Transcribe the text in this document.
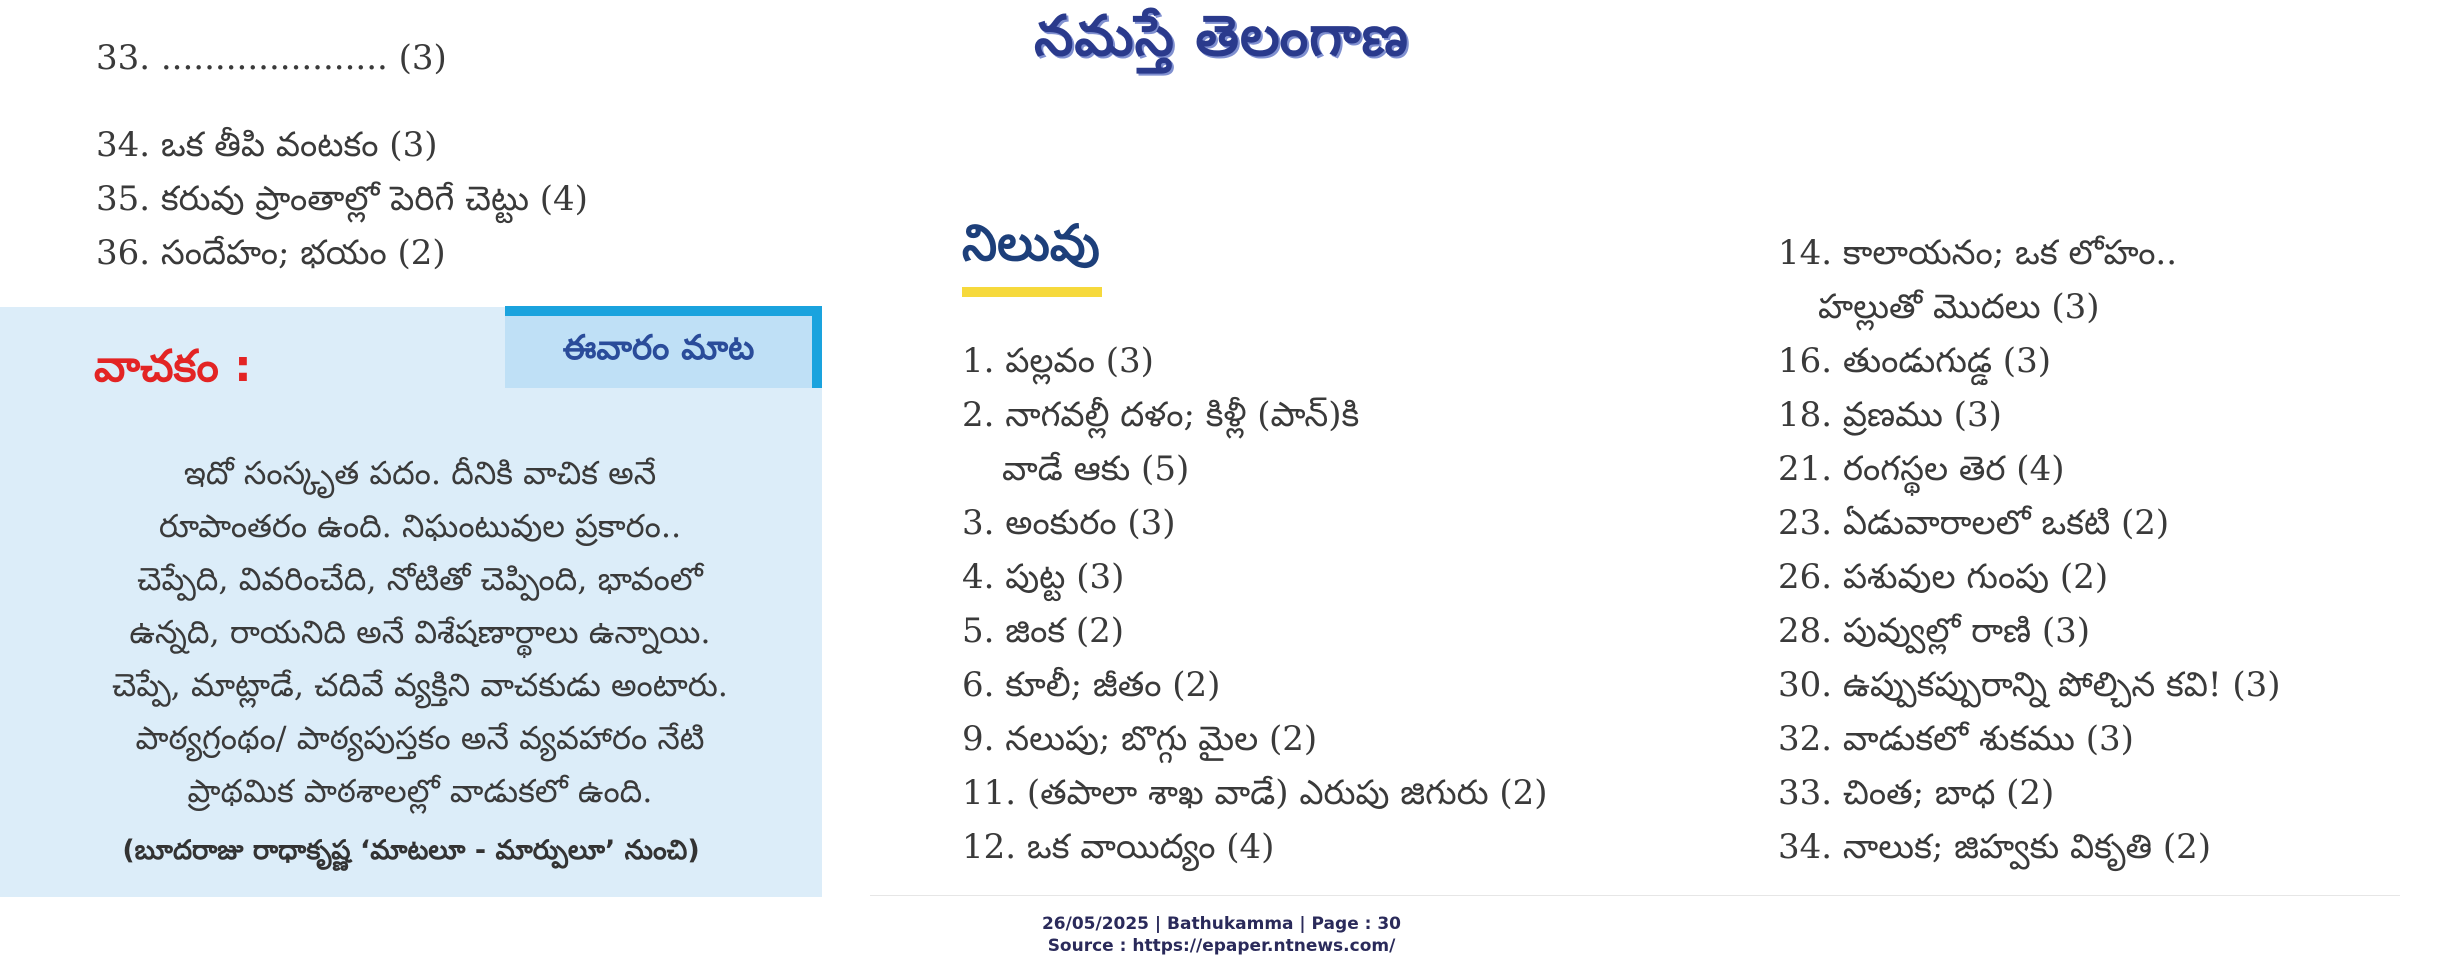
నమస్తే తెలంగాణ
33. ..................... (3)
34. ఒక తీపి వంటకం (3)
35. కరువు ప్రాంతాల్లో పెరిగే చెట్టు (4)
36. సందేహం; భయం (2)	నిలువు
1. పల్లవం (3)
2. నాగవల్లీ దళం; కిళ్లీ (పాన్)కి
వాడే ఆకు (5)
3. అంకురం (3)
4. పుట్ట (3)
5. జింక (2)
6. కూలీ; జీతం (2)
9. నలుపు; బొగ్గు మైల (2)
11. (తపాలా శాఖ వాడే) ఎరుపు జిగురు (2)
12. ఒక వాయిద్యం (4)
14. కాలాయనం; ఒక లోహం..
హల్లుతో మొదలు (3)
16. తుండుగుడ్డ (3)
18. వ్రణము (3)
21. రంగస్థల తెర (4)
23. ఏడువారాలలో ఒకటి (2)
26. పశువుల గుంపు (2)
28. పువ్వుల్లో రాణి (3)
30. ఉప్పుకప్పురాన్ని పోల్చిన కవి! (3)
32. వాడుకలో శుకము (3)
33. చింత; బాధ (2)
34. నాలుక; జిహ్వకు వికృతి (2)
వాచకం :	ఈవారం మాట
ఇదో సంస్కృత పదం. దీనికి వాచిక అనే
రూపాంతరం ఉంది. నిఘంటువుల ప్రకారం..
చెప్పేది, వివరించేది, నోటితో చెప్పింది, భావంలో
ఉన్నది, రాయనిది అనే విశేషణార్థాలు ఉన్నాయి.
చెప్పే, మాట్లాడే, చదివే వ్యక్తిని వాచకుడు అంటారు.
పాఠ్యగ్రంథం/ పాఠ్యపుస్తకం అనే వ్యవహారం నేటి
ప్రాథమిక పాఠశాలల్లో వాడుకలో ఉంది.
(బూదరాజు రాధాకృష్ణ ‘మాటలూ - మార్పులూ’ నుంచి)
26/05/2025 | Bathukamma | Page : 30
Source : https://epaper.ntnews.com/
